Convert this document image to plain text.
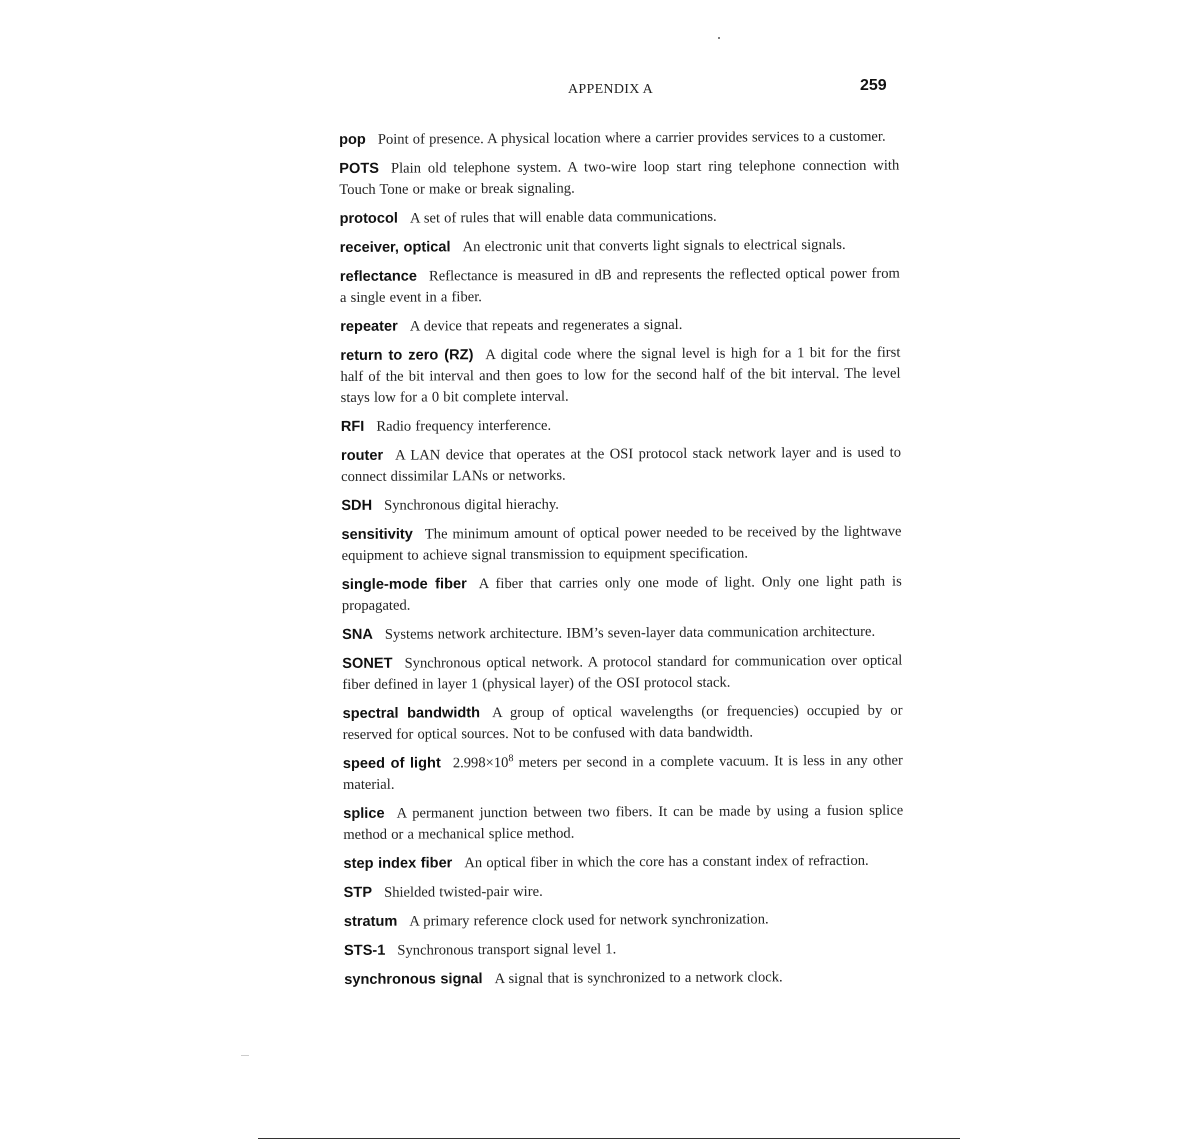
APPENDIX A	259

pop Point of presence. A physical location where a carrier provides services to a customer.

POTS Plain old telephone system. A two-wire loop start ring telephone connection with Touch Tone or make or break signaling.

protocol A set of rules that will enable data communications.

receiver, optical An electronic unit that converts light signals to electrical signals.

reflectance Reflectance is measured in dB and represents the reflected optical power from a single event in a fiber.

repeater A device that repeats and regenerates a signal.

return to zero (RZ) A digital code where the signal level is high for a 1 bit for the first half of the bit interval and then goes to low for the second half of the bit interval. The level stays low for a 0 bit complete interval.

RFI Radio frequency interference.

router A LAN device that operates at the OSI protocol stack network layer and is used to connect dissimilar LANs or networks.

SDH Synchronous digital hierachy.

sensitivity The minimum amount of optical power needed to be received by the lightwave equipment to achieve signal transmission to equipment specification.

single-mode fiber A fiber that carries only one mode of light. Only one light path is propagated.

SNA Systems network architecture. IBM’s seven-layer data communication architecture.

SONET Synchronous optical network. A protocol standard for communication over optical fiber defined in layer 1 (physical layer) of the OSI protocol stack.

spectral bandwidth A group of optical wavelengths (or frequencies) occupied by or reserved for optical sources. Not to be confused with data bandwidth.

speed of light $2.998\times 10^8$ meters per second in a complete vacuum. It is less in any other material.

splice A permanent junction between two fibers. It can be made by using a fusion splice method or a mechanical splice method.

step index fiber An optical fiber in which the core has a constant index of refraction.

STP Shielded twisted-pair wire.

stratum A primary reference clock used for network synchronization.

STS-1 Synchronous transport signal level 1.

synchronous signal A signal that is synchronized to a network clock.
